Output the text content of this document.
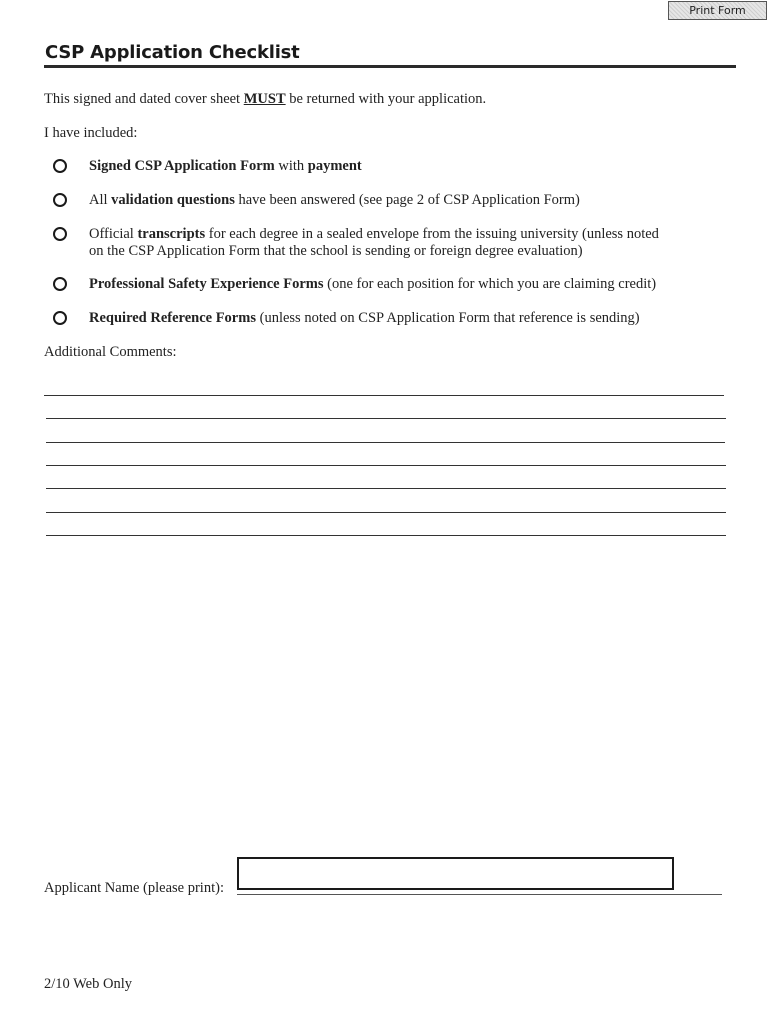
Print Form
CSP Application Checklist
This signed and dated cover sheet MUST be returned with your application.
I have included:
Signed CSP Application Form with payment
All validation questions have been answered (see page 2 of CSP Application Form)
Official transcripts for each degree in a sealed envelope from the issuing university (unless noted
on the CSP Application Form that the school is sending or foreign degree evaluation)
Professional Safety Experience Forms (one for each position for which you are claiming credit)
Required Reference Forms (unless noted on CSP Application Form that reference is sending)
Additional Comments:
Applicant Name (please print):
2/10 Web Only
